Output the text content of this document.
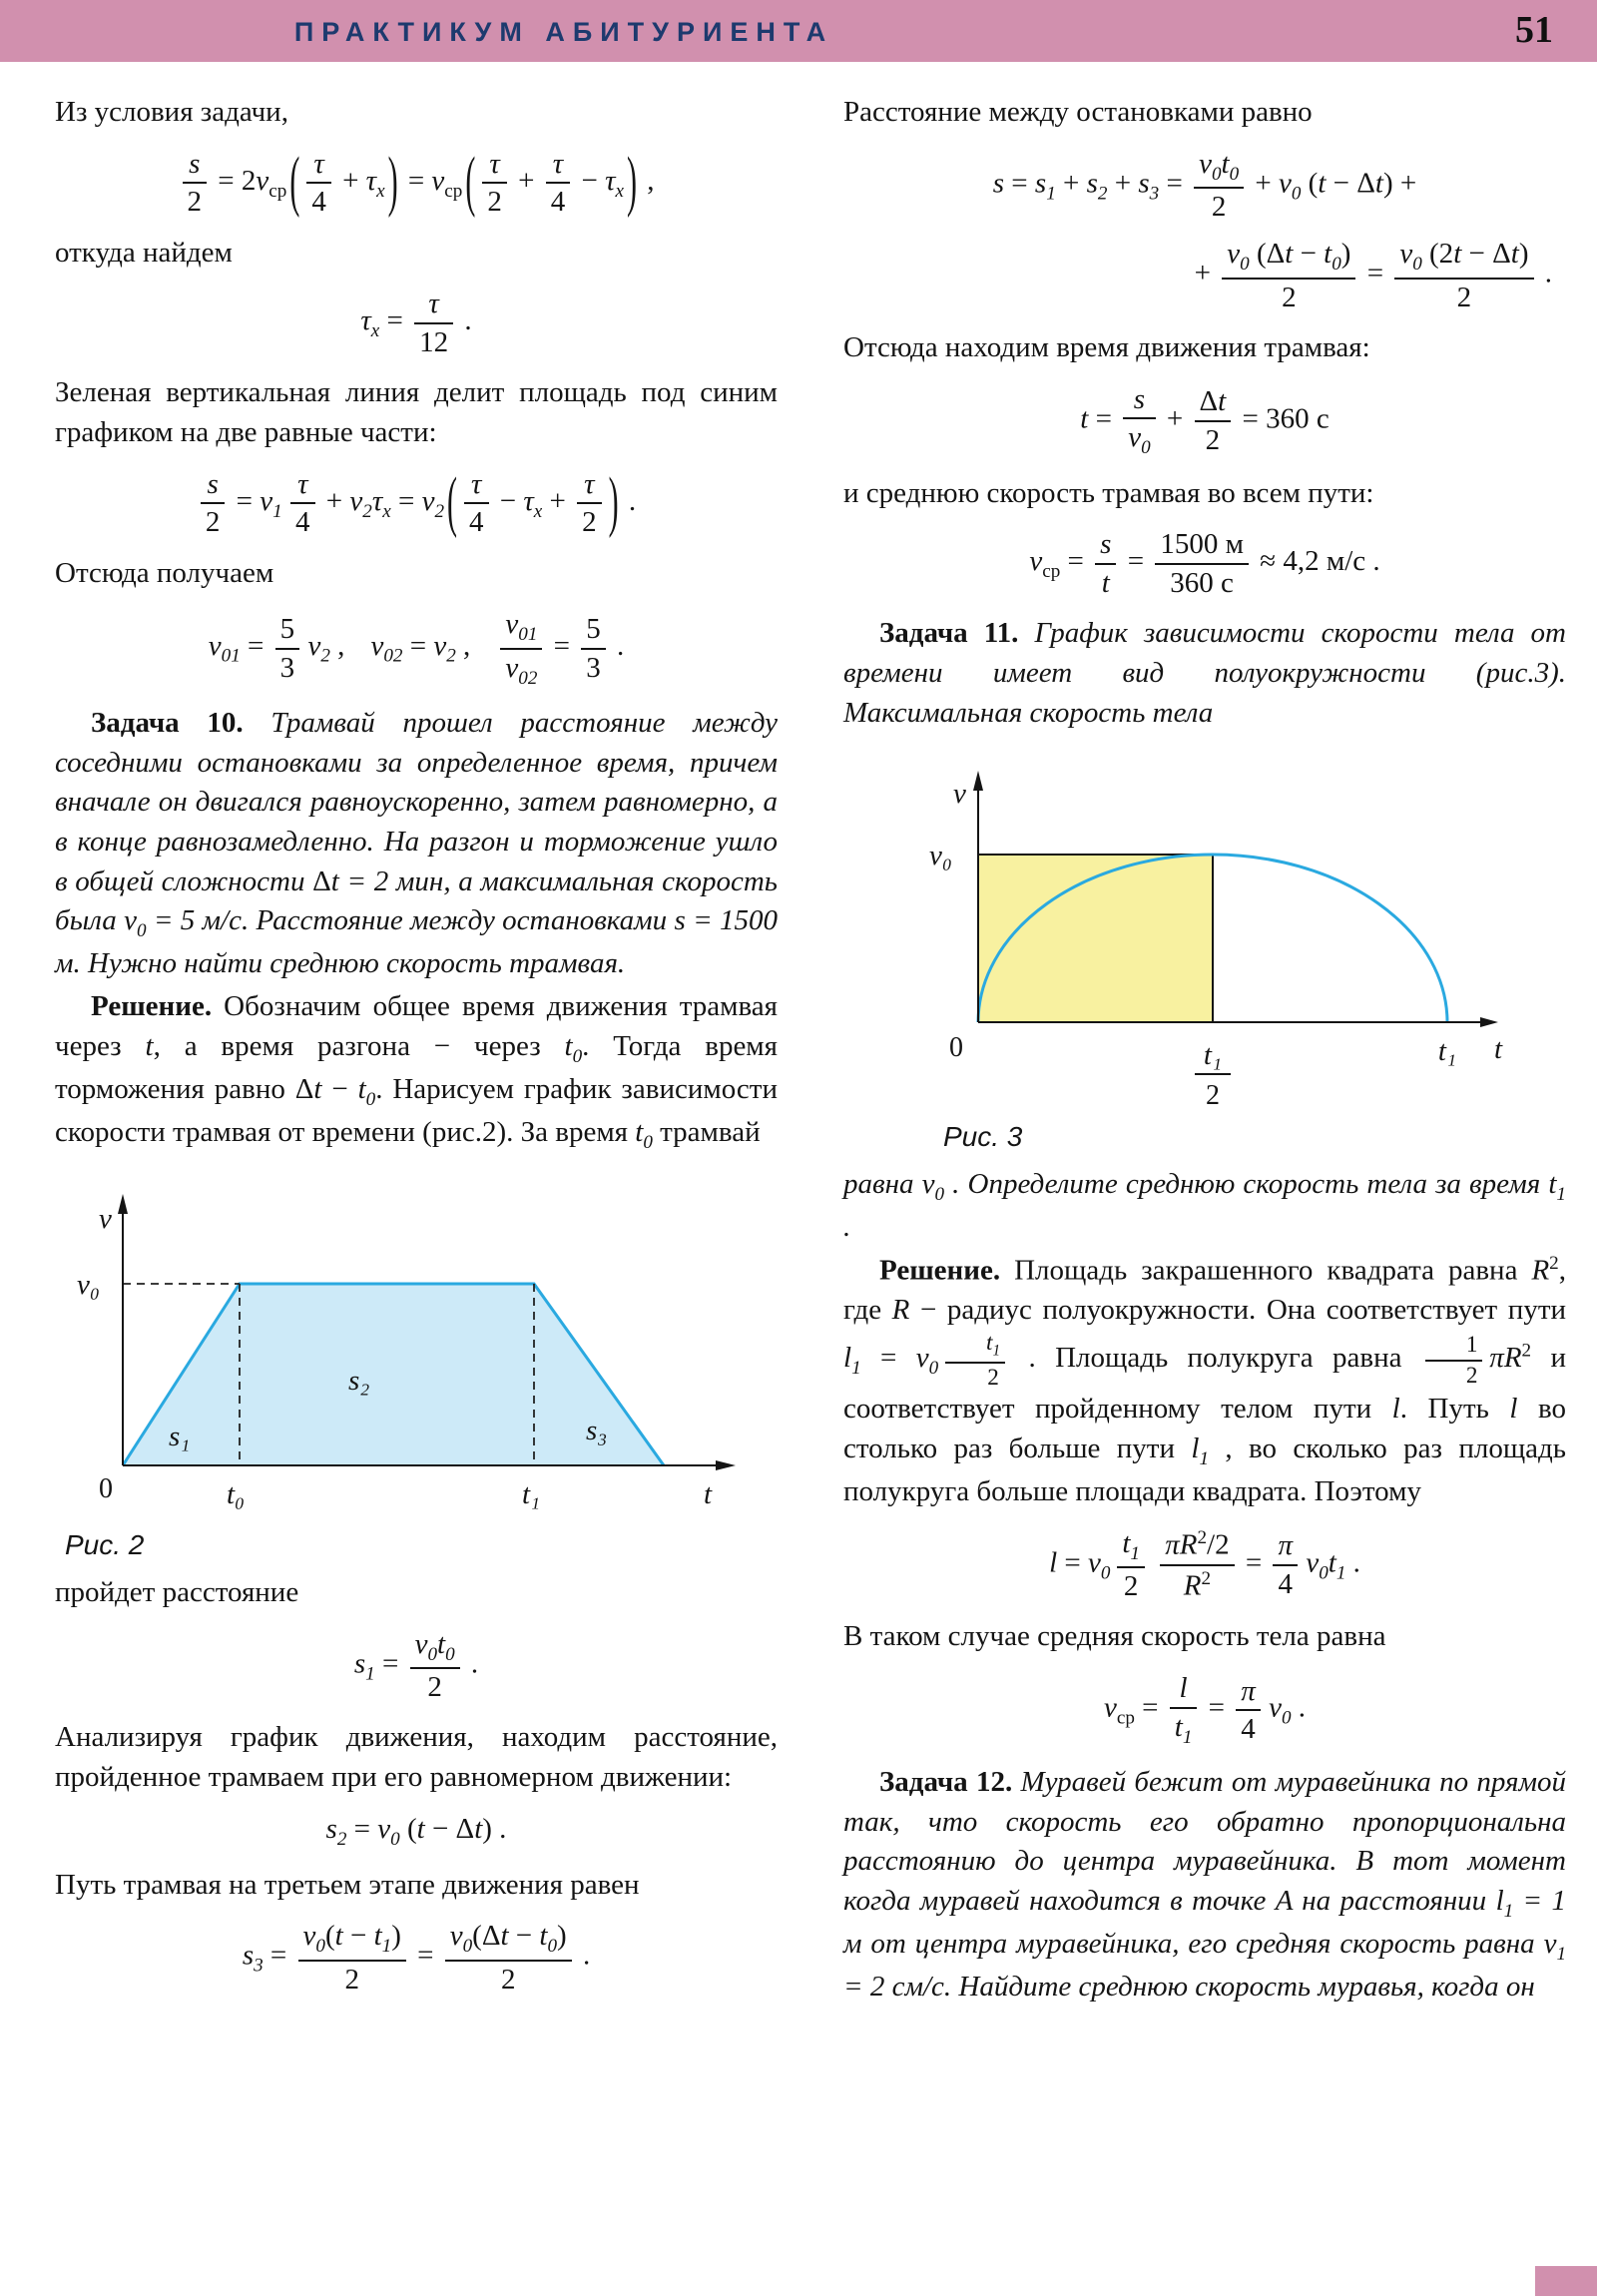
ПРАКТИКУМ АБИТУРИЕНТА	51
Из условия задачи,
$\frac{s}{2} = 2v_{ср}$ ( $\frac{\tau}{4} + \tau_x$ ) = $v_{ср}$ ( $\frac{\tau}{2} + \frac{\tau}{4} - \tau_x$ ) ,
откуда найдем
$\tau_x = \frac{\tau}{12}$ .
Зеленая вертикальная линия делит площадь под синим графиком на две равные части:
$\frac{s}{2} = v_1 \frac{\tau}{4} + v_2\tau_x = v_2$ ( $\frac{\tau}{4} - \tau_x + \frac{\tau}{2}$ ) .
Отсюда получаем
$v_{01} = \frac{5}{3} v_2$ , $v_{02} = v_2$ , $\frac{v_{01}}{v_{02}} = \frac{5}{3}$ .
Задача 10. Трамвай прошел расстояние между соседними остановками за определенное время, причем вначале он двигался равноускоренно, затем равномерно, а в конце равнозамедленно. На разгон и торможение ушло в общей сложности Δt = 2 мин, а максимальная скорость была $v_0 = 5$ м/с. Расстояние между остановками s = 1500 м. Нужно найти среднюю скорость трамвая.
Решение. Обозначим общее время движения трамвая через t, а время разгона − через $t_0$. Тогда время торможения равно $\Delta t - t_0$. Нарисуем график зависимости скорости трамвая от времени (рис.2). За время $t_0$ трамвай
v
v₀
0	t₀	t₁	t
s₁
s₂
s₃
Рис. 2
пройдет расстояние
$s_1 = \frac{v_0t_0}{2}$ .
Анализируя график движения, находим расстояние, пройденное трамваем при его равномерном движении:
$s_2 = v_0$ (t − Δt) .
Путь трамвая на третьем этапе движения равен
$s_3 = \frac{v_0(t - t_1)}{2} = \frac{v_0(\Delta t - t_0)}{2}$ .
Расстояние между остановками равно
$s = s_1 + s_2 + s_3 = \frac{v_0t_0}{2} + v_0$ (t − Δt) +
+ $\frac{v_0 (\Delta t - t_0)}{2} = \frac{v_0 (2t - \Delta t)}{2}$ .
Отсюда находим время движения трамвая:
$t = \frac{s}{v_0} + \frac{\Delta t}{2} = 360$ с
и среднюю скорость трамвая во всем пути:
$v_{ср} = \frac{s}{t} = \frac{1500 м}{360 с} \approx 4,2$ м/с .
Задача 11. График зависимости скорости тела от времени имеет вид полуокружности (рис.3). Максимальная скорость тела
v
v₀
0	t₁
2
t₁ t
Рис. 3
равна $v_0$ . Определите среднюю скорость тела за время $t_1$ .
Решение. Площадь закрашенного квадрата равна $R^2$, где R − радиус полуокружности. Она соответствует пути $l_1 = v_0 \frac{t_1}{2}$ . Площадь полукруга равна $\frac{1}{2} \pi R^2$ и соответствует пройденному телом пути l. Путь l во столько раз больше пути $l_1$ , во сколько раз площадь полукруга больше площади квадрата. Поэтому
$l = v_0 \frac{t_1}{2} \frac{\pi R^2/2}{R^2} = \frac{\pi}{4} v_0t_1$ .
В таком случае средняя скорость тела равна
$v_{ср} = \frac{l}{t_1} = \frac{\pi}{4} v_0$ .
Задача 12. Муравей бежит от муравейника по прямой так, что скорость его обратно пропорциональна расстоянию до центра муравейника. В тот момент когда муравей находится в точке A на расстоянии $l_1 = 1$ м от центра муравейника, его средняя скорость равна $v_1 = 2$ см/с. Найдите среднюю скорость муравья, когда он
